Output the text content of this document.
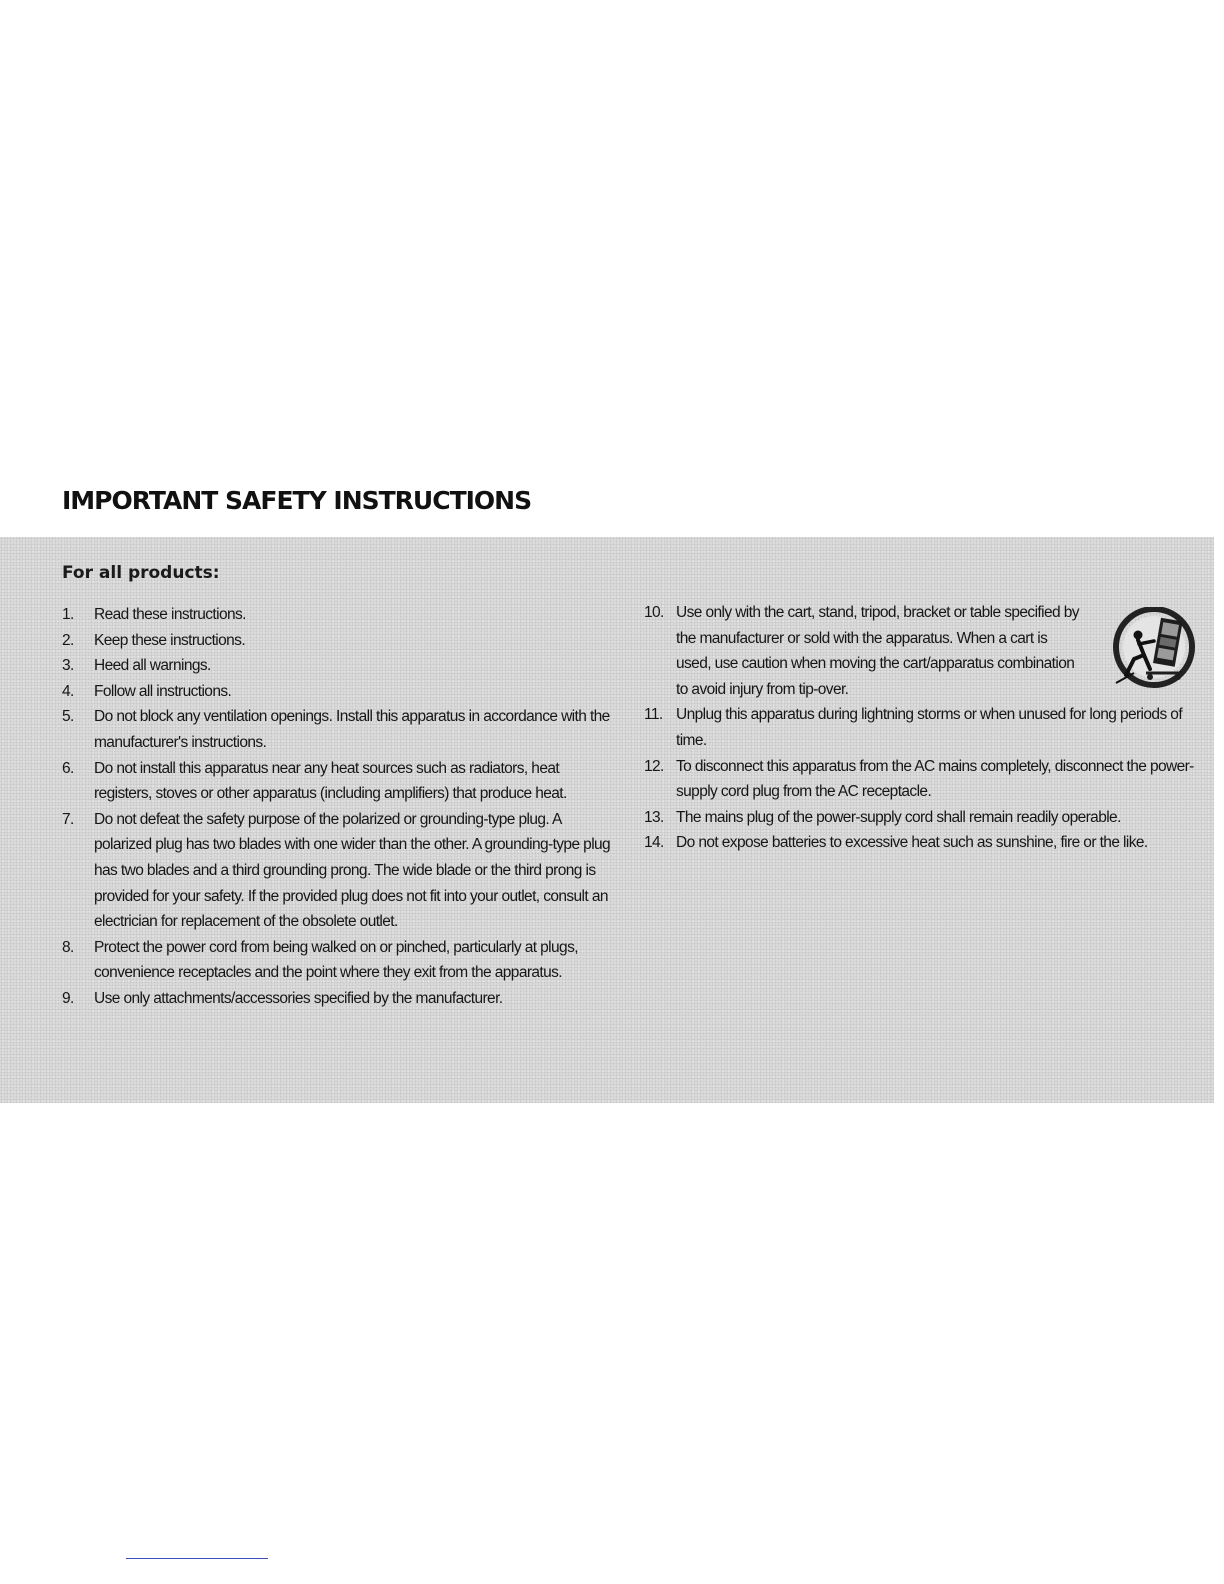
IMPORTANT SAFETY INSTRUCTIONS
For all products:
1. Read these instructions.
2. Keep these instructions.
3. Heed all warnings.
4. Follow all instructions.
5. Do not block any ventilation openings. Install this apparatus in accordance with the manufacturer's instructions.
6. Do not install this apparatus near any heat sources such as radiators, heat registers, stoves or other apparatus (including amplifiers) that produce heat.
7. Do not defeat the safety purpose of the polarized or grounding-type plug. A polarized plug has two blades with one wider than the other. A grounding-type plug has two blades and a third grounding prong. The wide blade or the third prong is provided for your safety. If the provided plug does not fit into your outlet, consult an electrician for replacement of the obsolete outlet.
8. Protect the power cord from being walked on or pinched, particularly at plugs, convenience receptacles and the point where they exit from the apparatus.
9. Use only attachments/accessories specified by the manufacturer.
10. Use only with the cart, stand, tripod, bracket or table specified by the manufacturer or sold with the apparatus. When a cart is used, use caution when moving the cart/apparatus combination to avoid injury from tip-over.
11. Unplug this apparatus during lightning storms or when unused for long periods of time.
12. To disconnect this apparatus from the AC mains completely, disconnect the power-supply cord plug from the AC receptacle.
13. The mains plug of the power-supply cord shall remain readily operable.
14. Do not expose batteries to excessive heat such as sunshine, fire or the like.
